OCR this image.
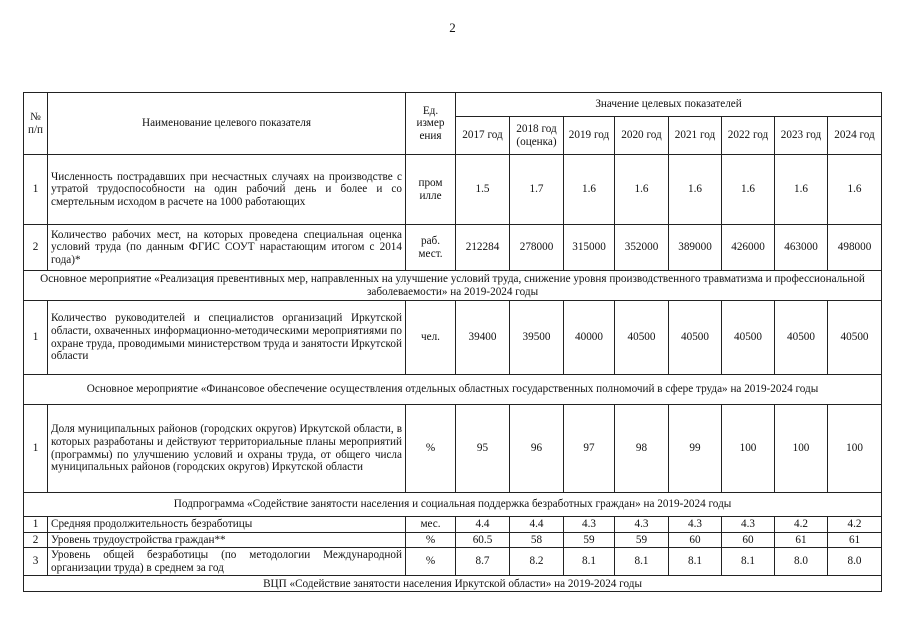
2
№ п/п	Наименование целевого показателя	Ед. измер ения	Значение целевых показателей							
			2017 год	2018 год (оценка)	2019 год	2020 год	2021 год	2022 год	2023 год	2024 год
1	Численность пострадавших при несчастных случаях на производстве с утратой трудоспособности на один рабочий день и более и со смертельным исходом в расчете на 1000 работающих	пром илле	1.5	1.7	1.6	1.6	1.6	1.6	1.6	1.6
2	Количество рабочих мест, на которых проведена специальная оценка условий труда (по данным ФГИС СОУТ нарастающим итогом с 2014 года)*	раб. мест.	212284	278000	315000	352000	389000	426000	463000	498000
Основное мероприятие «Реализация превентивных мер, направленных на улучшение условий труда, снижение уровня производственного травматизма и профессиональной заболеваемости» на 2019-2024 годы										
1	Количество руководителей и специалистов организаций Иркутской области, охваченных информационно-методическими мероприятиями по охране труда, проводимыми министерством труда и занятости Иркутской области	чел.	39400	39500	40000	40500	40500	40500	40500	40500
Основное мероприятие «Финансовое обеспечение осуществления отдельных областных государственных полномочий в сфере труда» на 2019-2024 годы										
1	Доля муниципальных районов (городских округов) Иркутской области, в которых разработаны и действуют территориальные планы мероприятий (программы) по улучшению условий и охраны труда, от общего числа муниципальных районов (городских округов) Иркутской области	%	95	96	97	98	99	100	100	100
Подпрограмма «Содействие занятости населения и социальная поддержка безработных граждан» на 2019-2024 годы										
1	Средняя продолжительность безработицы	мес.	4.4	4.4	4.3	4.3	4.3	4.3	4.2	4.2
2	Уровень трудоустройства граждан**	%	60.5	58	59	59	60	60	61	61
3	Уровень общей безработицы (по методологии Международной организации труда) в среднем за год	%	8.7	8.2	8.1	8.1	8.1	8.1	8.0	8.0
ВЦП «Содействие занятости населения Иркутской области» на 2019-2024 годы										
